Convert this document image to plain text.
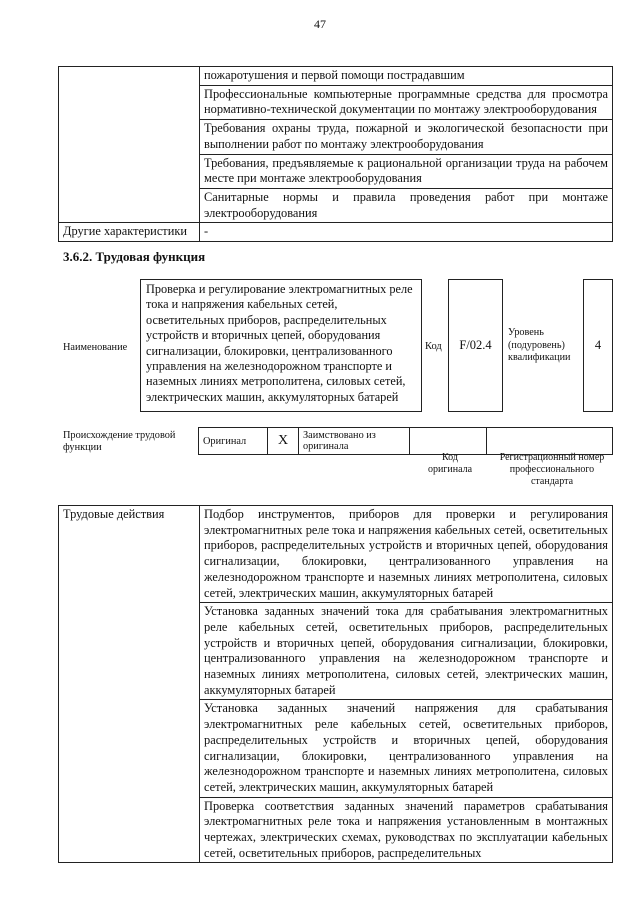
47
	пожаротушения и первой помощи пострадавшим
	Профессиональные компьютерные программные средства для просмотра нормативно-технической документации по монтажу электрооборудования
	Требования охраны труда, пожарной и экологической безопасности при выполнении работ по монтажу электрооборудования
	Требования, предъявляемые к рациональной организации труда на рабочем месте при монтаже электрооборудования
	Санитарные нормы и правила проведения работ при монтаже электрооборудования
Другие характеристики	-
3.6.2. Трудовая функция
Наименование
Проверка и регулирование электромагнитных реле тока и напряжения кабельных сетей, осветительных приборов, распределительных устройств и вторичных цепей, оборудования сигнализации, блокировки, централизованного управления на железнодорожном транспорте и наземных линиях метрополитена, силовых сетей, электрических машин, аккумуляторных батарей
Код	F/02.4
Уровень (подуровень) квалификации
4
Происхождение трудовой функции
Оригинал	X	Заимствовано из оригинала		
Код оригинала
Регистрационный номер профессионального стандарта
Трудовые действия	Подбор инструментов, приборов для проверки и регулирования электромагнитных реле тока и напряжения кабельных сетей, осветительных приборов, распределительных устройств и вторичных цепей, оборудования сигнализации, блокировки, централизованного управления на железнодорожном транспорте и наземных линиях метрополитена, силовых сетей, электрических машин, аккумуляторных батарей
Установка заданных значений тока для срабатывания электромагнитных реле кабельных сетей, осветительных приборов, распределительных устройств и вторичных цепей, оборудования сигнализации, блокировки, централизованного управления на железнодорожном транспорте и наземных линиях метрополитена, силовых сетей, электрических машин, аккумуляторных батарей
Установка заданных значений напряжения для срабатывания электромагнитных реле кабельных сетей, осветительных приборов, распределительных устройств и вторичных цепей, оборудования сигнализации, блокировки, централизованного управления на железнодорожном транспорте и наземных линиях метрополитена, силовых сетей, электрических машин, аккумуляторных батарей
Проверка соответствия заданных значений параметров срабатывания электромагнитных реле тока и напряжения установленным в монтажных чертежах, электрических схемах, руководствах по эксплуатации кабельных сетей, осветительных приборов, распределительных
